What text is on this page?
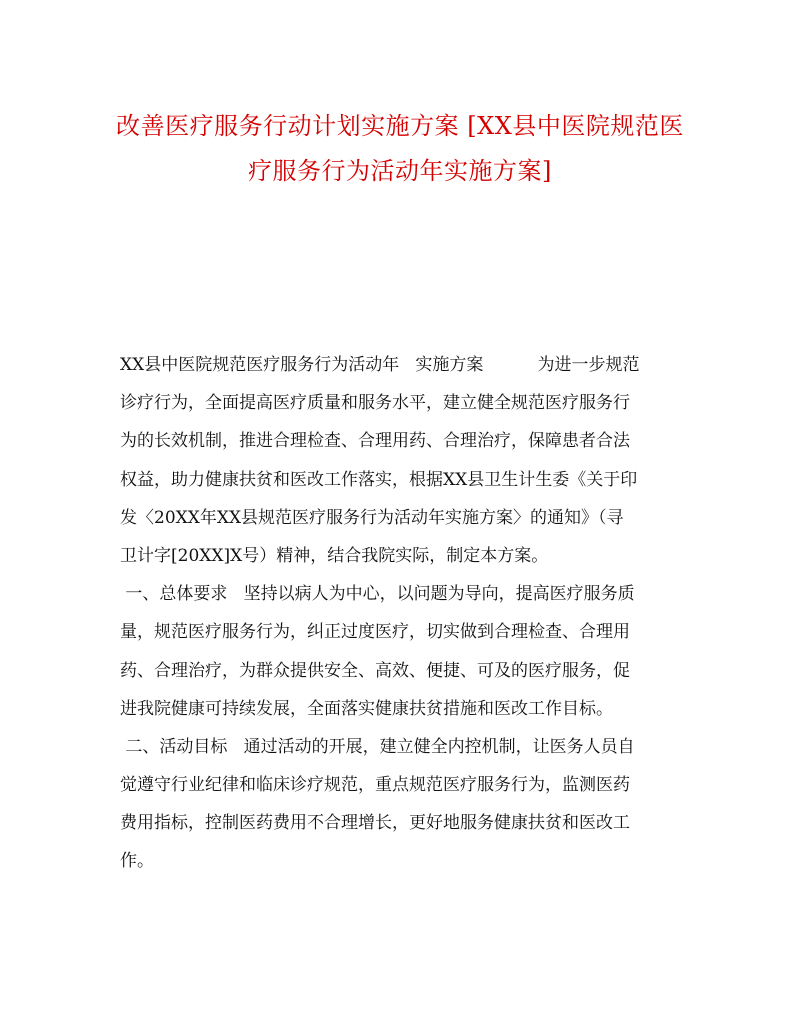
改善医疗服务行动计划实施方案 [XX县中医院规范医
疗服务行为活动年实施方案]
XX县中医院规范医疗服务行为活动年   实施方案          为进一步规范
诊疗行为，全面提高医疗质量和服务水平，建立健全规范医疗服务行
为的长效机制，推进合理检查、合理用药、合理治疗，保障患者合法
权益，助力健康扶贫和医改工作落实，根据XX县卫生计生委《关于印
发〈20XX年XX县规范医疗服务行为活动年实施方案〉的通知》（寻
卫计字[20XX]X号）精神，结合我院实际，制定本方案。
一、总体要求   坚持以病人为中心，以问题为导向，提高医疗服务质
量，规范医疗服务行为，纠正过度医疗，切实做到合理检查、合理用
药、合理治疗，为群众提供安全、高效、便捷、可及的医疗服务，促
进我院健康可持续发展，全面落实健康扶贫措施和医改工作目标。
二、活动目标   通过活动的开展，建立健全内控机制，让医务人员自
觉遵守行业纪律和临床诊疗规范，重点规范医疗服务行为，监测医药
费用指标，控制医药费用不合理增长，更好地服务健康扶贫和医改工
作。
